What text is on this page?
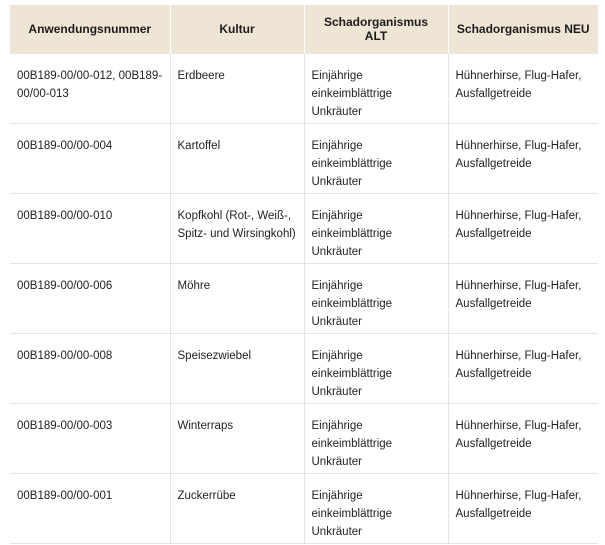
Anwendungsnummer	Kultur	Schadorganismus ALT	Schadorganismus NEU

00B189-00/00-012, 00B189-00/00-013	Erdbeere	Einjährige einkeimblättrige Unkräuter	Hühnerhirse, Flug-Hafer, Ausfallgetreide

00B189-00/00-004	Kartoffel	Einjährige einkeimblättrige Unkräuter	Hühnerhirse, Flug-Hafer, Ausfallgetreide

00B189-00/00-010	Kopfkohl (Rot-, Weiß-, Spitz- und Wirsingkohl)	Einjährige einkeimblättrige Unkräuter	Hühnerhirse, Flug-Hafer, Ausfallgetreide

00B189-00/00-006	Möhre	Einjährige einkeimblättrige Unkräuter	Hühnerhirse, Flug-Hafer, Ausfallgetreide

00B189-00/00-008	Speisezwiebel	Einjährige einkeimblättrige Unkräuter	Hühnerhirse, Flug-Hafer, Ausfallgetreide

00B189-00/00-003	Winterraps	Einjährige einkeimblättrige Unkräuter	Hühnerhirse, Flug-Hafer, Ausfallgetreide

00B189-00/00-001	Zuckerrübe	Einjährige einkeimblättrige Unkräuter	Hühnerhirse, Flug-Hafer, Ausfallgetreide
